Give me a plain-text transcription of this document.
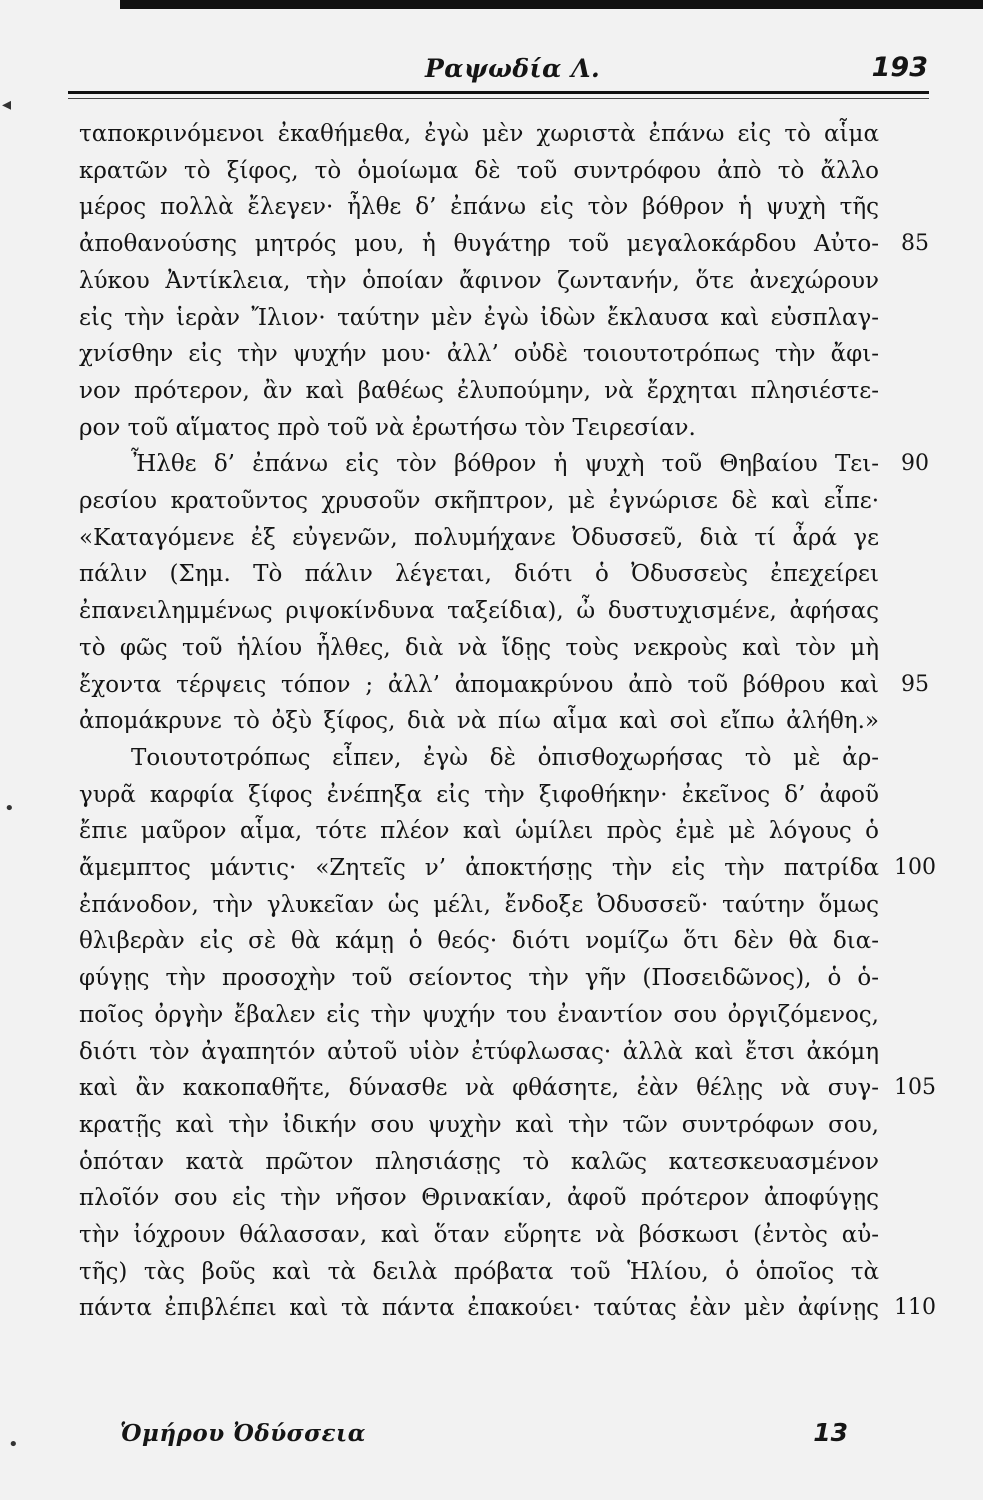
Ραψωδία Λ.	193
◂
•
•
ταποκρινόμενοι ἐκαθήμεθα, ἐγὼ μὲν χωριστὰ ἐπάνω εἰς τὸ αἷμα
κρατῶν τὸ ξίφος, τὸ ὁμοίωμα δὲ τοῦ συντρόφου ἀπὸ τὸ ἄλλο
μέρος πολλὰ ἔλεγεν· ἦλθε δ’ ἐπάνω εἰς τὸν βόθρον ἡ ψυχὴ τῆς
ἀποθανούσης μητρός μου, ἡ θυγάτηρ τοῦ μεγαλοκάρδου Αὐτο-
λύκου Ἀντίκλεια, τὴν ὁποίαν ἄφινον ζωντανήν, ὅτε ἀνεχώρουν
εἰς τὴν ἱερὰν Ἴλιον· ταύτην μὲν ἐγὼ ἰδὼν ἔκλαυσα καὶ εὐσπλαγ-
χνίσθην εἰς τὴν ψυχήν μου· ἀλλ’ οὐδὲ τοιουτοτρόπως τὴν ἄφι-
νον πρότερον, ἂν καὶ βαθέως ἐλυπούμην, νὰ ἔρχηται πλησιέστε-
ρον τοῦ αἵματος πρὸ τοῦ νὰ ἐρωτήσω τὸν Τειρεσίαν.
Ἦλθε δ’ ἐπάνω εἰς τὸν βόθρον ἡ ψυχὴ τοῦ Θηβαίου Τει-
ρεσίου κρατοῦντος χρυσοῦν σκῆπτρον, μὲ ἐγνώρισε δὲ καὶ εἶπε·
«Καταγόμενε ἐξ εὐγενῶν, πολυμήχανε Ὀδυσσεῦ, διὰ τί ἆρά γε
πάλιν (Σημ. Τὸ πάλιν λέγεται, διότι ὁ Ὀδυσσεὺς ἐπεχείρει
ἐπανειλημμένως ριψοκίνδυνα ταξείδια), ὦ δυστυχισμένε, ἀφήσας
τὸ φῶς τοῦ ἡλίου ἦλθες, διὰ νὰ ἴδῃς τοὺς νεκροὺς καὶ τὸν μὴ
ἔχοντα τέρψεις τόπον ; ἀλλ’ ἀπομακρύνου ἀπὸ τοῦ βόθρου καὶ
ἀπομάκρυνε τὸ ὀξὺ ξίφος, διὰ νὰ πίω αἷμα καὶ σοὶ εἴπω ἀλήθη.»
Τοιουτοτρόπως εἶπεν, ἐγὼ δὲ ὀπισθοχωρήσας τὸ μὲ ἀρ-
γυρᾶ καρφία ξίφος ἐνέπηξα εἰς τὴν ξιφοθήκην· ἐκεῖνος δ’ ἀφοῦ
ἔπιε μαῦρον αἷμα, τότε πλέον καὶ ὡμίλει πρὸς ἐμὲ μὲ λόγους ὁ
ἄμεμπτος μάντις· «Ζητεῖς ν’ ἀποκτήσῃς τὴν εἰς τὴν πατρίδα
ἐπάνοδον, τὴν γλυκεῖαν ὡς μέλι, ἔνδοξε Ὀδυσσεῦ· ταύτην ὅμως
θλιβερὰν εἰς σὲ θὰ κάμῃ ὁ θεός· διότι νομίζω ὅτι δὲν θὰ δια-
φύγῃς τὴν προσοχὴν τοῦ σείοντος τὴν γῆν (Ποσειδῶνος), ὁ ὁ-
ποῖος ὀργὴν ἔβαλεν εἰς τὴν ψυχήν του ἐναντίον σου ὀργιζόμενος,
διότι τὸν ἀγαπητόν αὐτοῦ υἱὸν ἐτύφλωσας· ἀλλὰ καὶ ἔτσι ἀκόμη
καὶ ἂν κακοπαθῆτε, δύνασθε νὰ φθάσητε, ἐὰν θέλῃς νὰ συγ-
κρατῇς καὶ τὴν ἰδικήν σου ψυχὴν καὶ τὴν τῶν συντρόφων σου,
ὁπόταν κατὰ πρῶτον πλησιάσῃς τὸ καλῶς κατεσκευασμένον
πλοῖόν σου εἰς τὴν νῆσον Θρινακίαν, ἀφοῦ πρότερον ἀποφύγῃς
τὴν ἰόχρουν θάλασσαν, καὶ ὅταν εὕρητε νὰ βόσκωσι (ἐντὸς αὐ-
τῆς) τὰς βοῦς καὶ τὰ δειλὰ πρόβατα τοῦ Ἡλίου, ὁ ὁποῖος τὰ
πάντα ἐπιβλέπει καὶ τὰ πάντα ἐπακούει· ταύτας ἐὰν μὲν ἀφίνῃς
Ὁμήρου Ὀδύσσεια	13
85
90
95
100
105
110
